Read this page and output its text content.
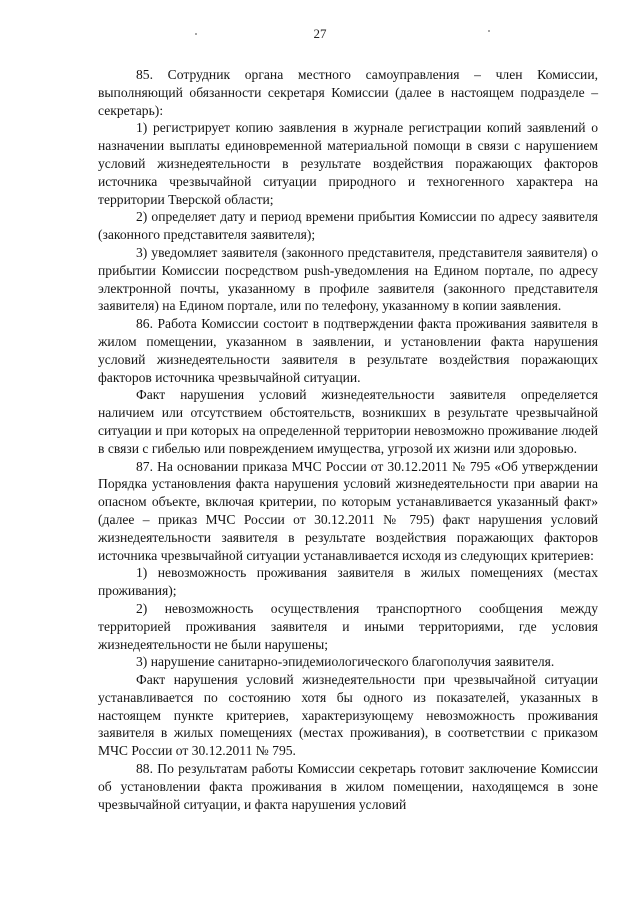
27

85. Сотрудник органа местного самоуправления – член Комиссии, выполняющий обязанности секретаря Комиссии (далее в настоящем подразделе – секретарь):

1) регистрирует копию заявления в журнале регистрации копий заявлений о назначении выплаты единовременной материальной помощи в связи с нарушением условий жизнедеятельности в результате воздействия поражающих факторов источника чрезвычайной ситуации природного и техногенного характера на территории Тверской области;

2) определяет дату и период времени прибытия Комиссии по адресу заявителя (законного представителя заявителя);

3) уведомляет заявителя (законного представителя, представителя заявителя) о прибытии Комиссии посредством push-уведомления на Едином портале, по адресу электронной почты, указанному в профиле заявителя (законного представителя заявителя) на Едином портале, или по телефону, указанному в копии заявления.

86. Работа Комиссии состоит в подтверждении факта проживания заявителя в жилом помещении, указанном в заявлении, и установлении факта нарушения условий жизнедеятельности заявителя в результате воздействия поражающих факторов источника чрезвычайной ситуации.

Факт нарушения условий жизнедеятельности заявителя определяется наличием или отсутствием обстоятельств, возникших в результате чрезвычайной ситуации и при которых на определенной территории невозможно проживание людей в связи с гибелью или повреждением имущества, угрозой их жизни или здоровью.

87. На основании приказа МЧС России от 30.12.2011 № 795 «Об утверждении Порядка установления факта нарушения условий жизнедеятельности при аварии на опасном объекте, включая критерии, по которым устанавливается указанный факт» (далее – приказ МЧС России от 30.12.2011 № 795) факт нарушения условий жизнедеятельности заявителя в результате воздействия поражающих факторов источника чрезвычайной ситуации устанавливается исходя из следующих критериев:

1) невозможность проживания заявителя в жилых помещениях (местах проживания);

2) невозможность осуществления транспортного сообщения между территорией проживания заявителя и иными территориями, где условия жизнедеятельности не были нарушены;

3) нарушение санитарно-эпидемиологического благополучия заявителя.

Факт нарушения условий жизнедеятельности при чрезвычайной ситуации устанавливается по состоянию хотя бы одного из показателей, указанных в настоящем пункте критериев, характеризующему невозможность проживания заявителя в жилых помещениях (местах проживания), в соответствии с приказом МЧС России от 30.12.2011 № 795.

88. По результатам работы Комиссии секретарь готовит заключение Комиссии об установлении факта проживания в жилом помещении, находящемся в зоне чрезвычайной ситуации, и факта нарушения условий
